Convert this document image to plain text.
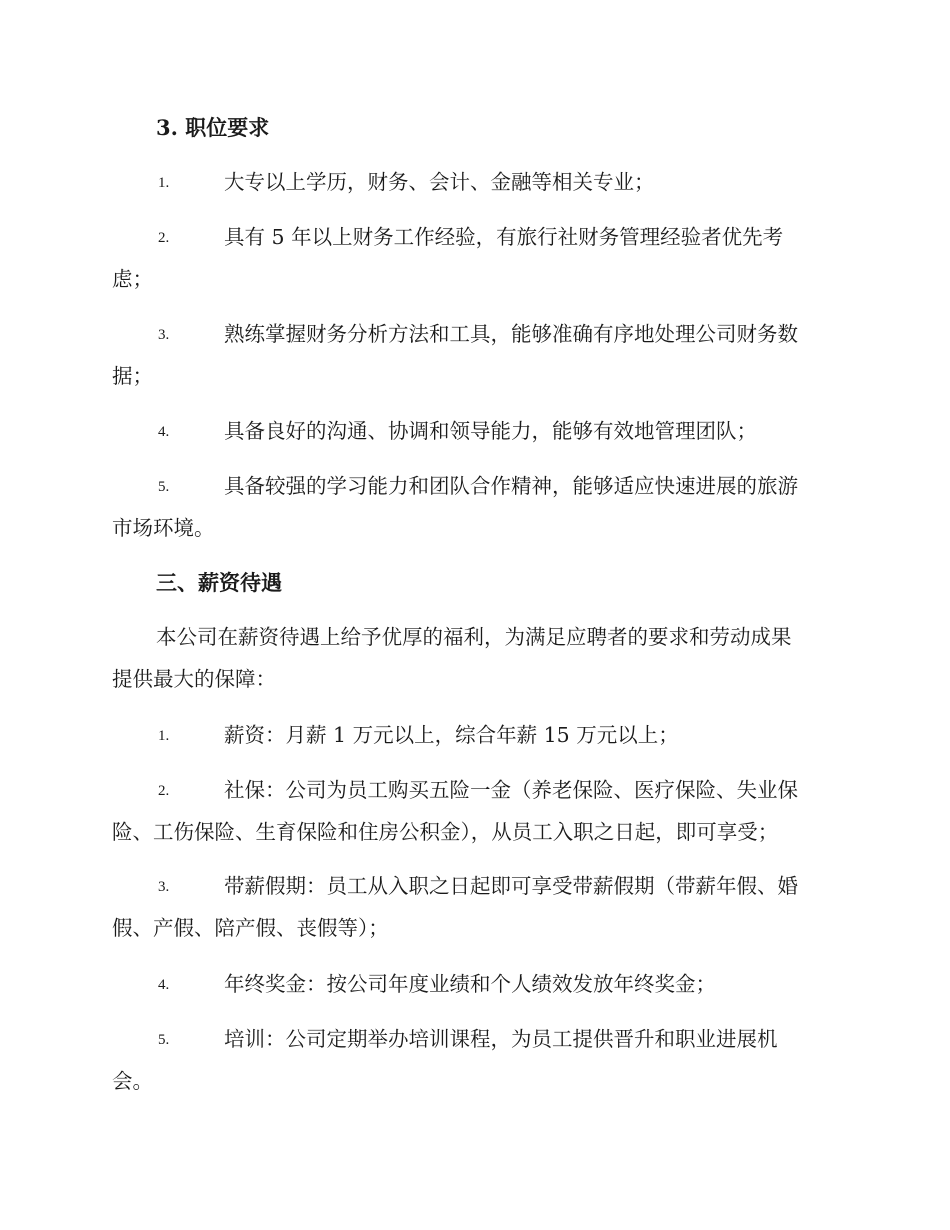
3. 职位要求
1.	大专以上学历，财务、会计、金融等相关专业；
2.	具有 5 年以上财务工作经验，有旅行社财务管理经验者优先考
虑；
3.	熟练掌握财务分析方法和工具，能够准确有序地处理公司财务数
据；
4.	具备良好的沟通、协调和领导能力，能够有效地管理团队；
5.	具备较强的学习能力和团队合作精神，能够适应快速进展的旅游
市场环境。
三、薪资待遇
本公司在薪资待遇上给予优厚的福利，为满足应聘者的要求和劳动成果
提供最大的保障：
1.	薪资：月薪 1 万元以上，综合年薪 15 万元以上；
2.	社保：公司为员工购买五险一金（养老保险、医疗保险、失业保
险、工伤保险、生育保险和住房公积金），从员工入职之日起，即可享受；
3.	带薪假期：员工从入职之日起即可享受带薪假期（带薪年假、婚
假、产假、陪产假、丧假等）；
4.	年终奖金：按公司年度业绩和个人绩效发放年终奖金；
5.	培训：公司定期举办培训课程，为员工提供晋升和职业进展机
会。
